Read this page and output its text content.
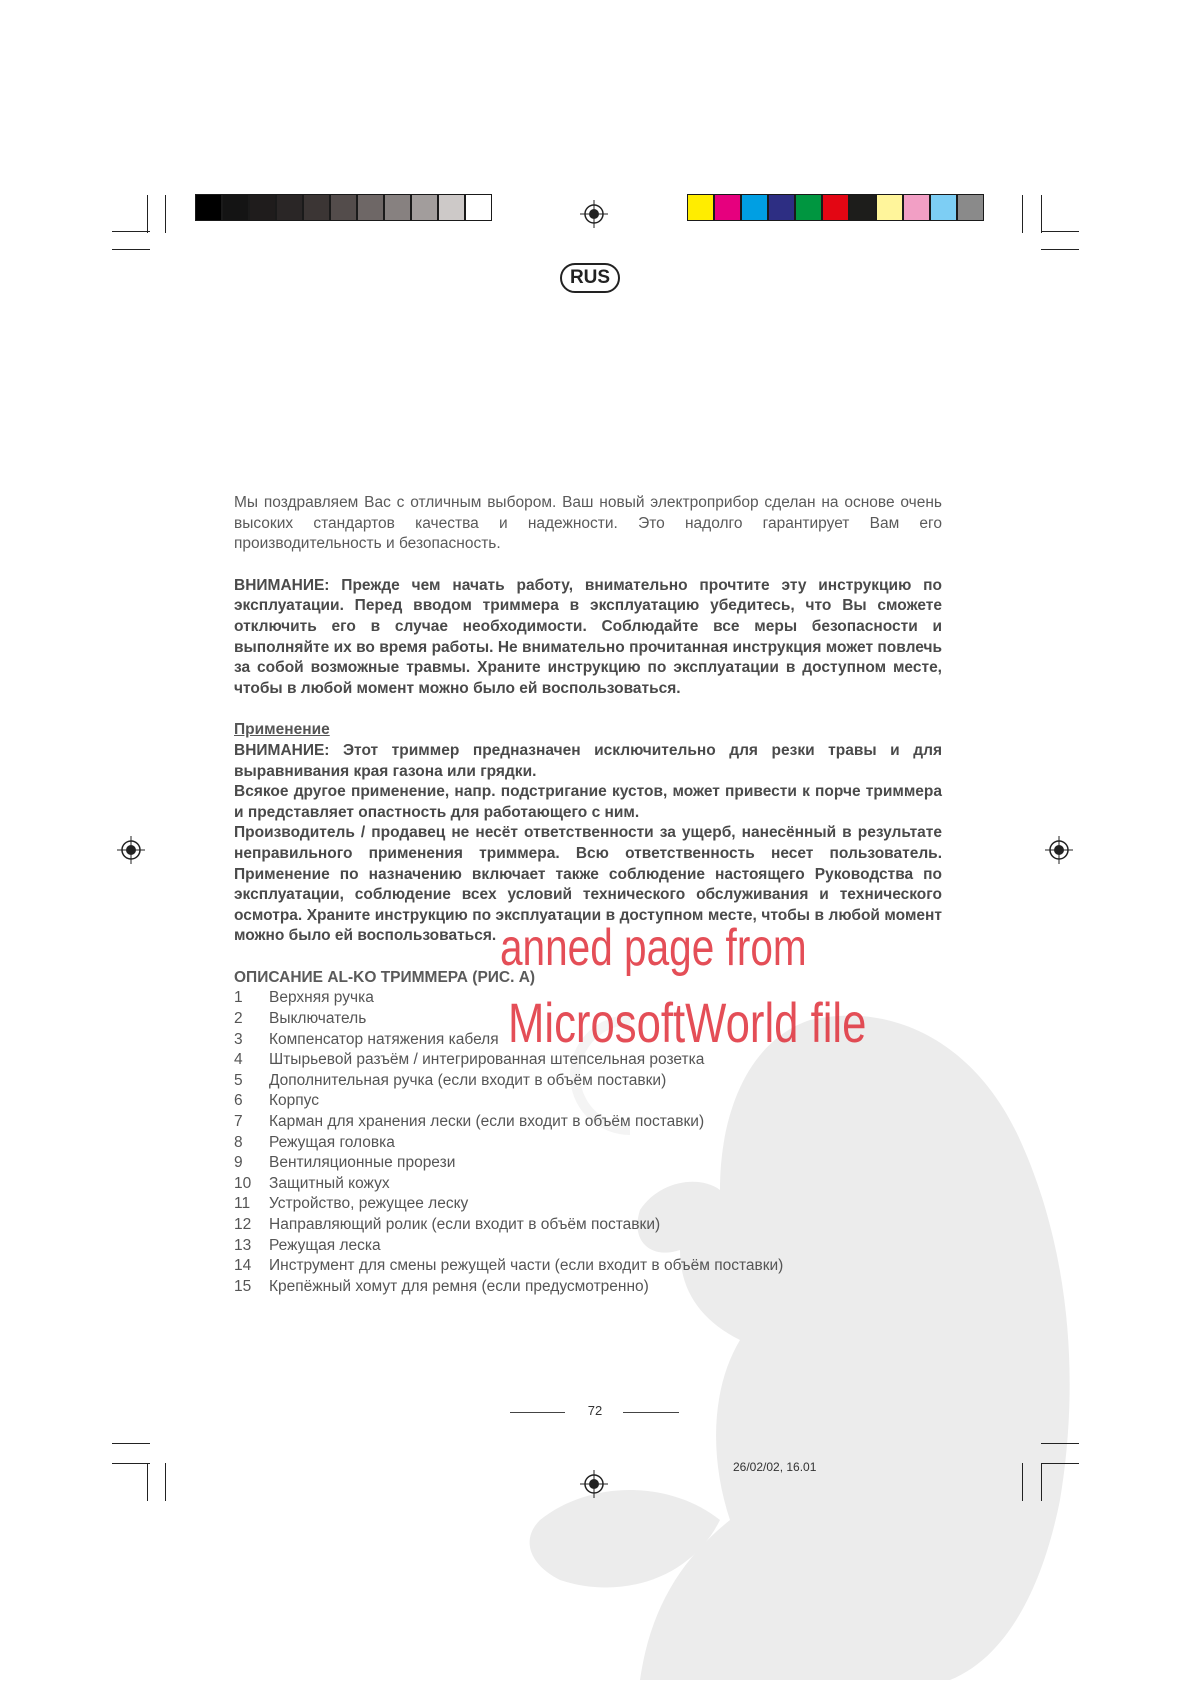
RUS

Мы поздравляем Вас с отличным выбором. Ваш новый электроприбор сделан на основе очень высоких стандартов качества и надежности. Это надолго гарантирует Вам его производительность и безопасность.

ВНИМАНИЕ: Прежде чем начать работу, внимательно прочтите эту инструкцию по эксплуатации. Перед вводом триммера в эксплуатацию убедитесь, что Вы сможете отключить его в случае необходимости. Соблюдайте все меры безопасности и выполняйте их во время работы. Не внимательно прочитанная инструкция может повлечь за собой возможные травмы. Храните инструкцию по эксплуатации в доступном месте, чтобы в любой момент можно было ей воспользоваться.

Применение

ВНИМАНИЕ: Этот триммер предназначен исключительно для резки травы и для выравнивания края газона или грядки.

Всякое другое применение, напр. подстригание кустов, может привести к порче триммера и представляет опастность для работающего с ним.

Производитель / продавец не несёт ответственности за ущерб, нанесённый в результате неправильного применения триммера. Всю ответственность несет пользователь. Применение по назначению включает также соблюдение настоящего Руководства по эксплуатации, соблюдение всех условий технического обслуживания и технического осмотра. Храните инструкцию по эксплуатации в доступном месте, чтобы в любой момент можно было ей воспользоваться.

ОПИСАНИЕ AL-KO ТРИММЕРА (РИС. А)

1	Верхняя ручка
2	Выключатель
3	Компенсатор натяжения кабеля
4	Штырьевой разъём / интегрированная штепсельная розетка
5	Дополнительная ручка (если входит в объём поставки)
6	Корпус
7	Карман для хранения лески (если входит в объём поставки)
8	Режущая головка
9	Вентиляционные прорези
10	Защитный кожух
11	Устройство, режущее леску
12	Направляющий ролик (если входит в объём поставки)
13	Режущая леска
14	Инструмент для смены режущей части (если входит в объём поставки)
15	Крепёжный хомут для ремня (если предусмотренно)
anned page from
MicrosoftWorld file
72
26/02/02, 16.01
